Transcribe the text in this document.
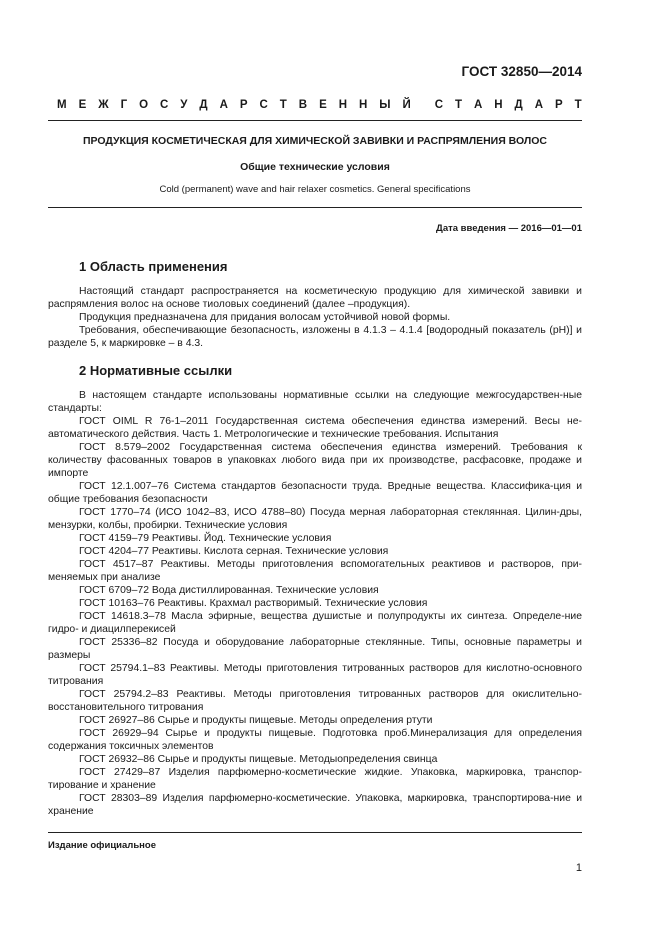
ГОСТ 32850—2014
М Е Ж Г О С У Д А Р С Т В Е Н Н Ы Й С Т А Н Д А Р Т
ПРОДУКЦИЯ КОСМЕТИЧЕСКАЯ ДЛЯ ХИМИЧЕСКОЙ ЗАВИВКИ И РАСПРЯМЛЕНИЯ ВОЛОС
Общие технические условия
Cold (permanent) wave and hair relaxer cosmetics. General specifications
Дата введения — 2016—01—01
1 Область применения

Настоящий стандарт распространяется на косметическую продукцию для химической завивки и распрямления волос на основе тиоловых соединений (далее –продукция).

Продукция предназначена для придания волосам устойчивой новой формы.

Требования, обеспечивающие безопасность, изложены в 4.1.3 – 4.1.4 [водородный показатель (рН)] и разделе 5, к маркировке – в 4.3.

2 Нормативные ссылки

В настоящем стандарте использованы нормативные ссылки на следующие межгосударствен-ные стандарты:

ГОСТ OIML R 76-1–2011 Государственная система обеспечения единства измерений. Весы не-автоматического действия. Часть 1. Метрологические и технические требования. Испытания

ГОСТ 8.579–2002 Государственная система обеспечения единства измерений. Требования к количеству фасованных товаров в упаковках любого вида при их производстве, расфасовке, продаже и импорте

ГОСТ 12.1.007–76 Система стандартов безопасности труда. Вредные вещества. Классифика-ция и общие требования безопасности

ГОСТ 1770–74 (ИСО 1042–83, ИСО 4788–80) Посуда мерная лабораторная стеклянная. Цилин-дры, мензурки, колбы, пробирки. Технические условия

ГОСТ 4159–79 Реактивы. Йод. Технические условия

ГОСТ 4204–77 Реактивы. Кислота серная. Технические условия

ГОСТ 4517–87 Реактивы. Методы приготовления вспомогательных реактивов и растворов, при-меняемых при анализе

ГОСТ 6709–72 Вода дистиллированная. Технические условия

ГОСТ 10163–76 Реактивы. Крахмал растворимый. Технические условия

ГОСТ 14618.3–78 Масла эфирные, вещества душистые и полупродукты их синтеза. Определе-ние гидро- и диацилперекисей

ГОСТ 25336–82 Посуда и оборудование лабораторные стеклянные. Типы, основные параметры и размеры

ГОСТ 25794.1–83 Реактивы. Методы приготовления титрованных растворов для кислотно-основного титрования

ГОСТ 25794.2–83 Реактивы. Методы приготовления титрованных растворов для окислительно-восстановительного титрования

ГОСТ 26927–86 Сырье и продукты пищевые. Методы определения ртути

ГОСТ 26929–94 Сырье и продукты пищевые. Подготовка проб.Минерализация для определения содержания токсичных элементов

ГОСТ 26932–86 Сырье и продукты пищевые. Методыопределения свинца

ГОСТ 27429–87 Изделия парфюмерно-косметические жидкие. Упаковка, маркировка, транспор-тирование и хранение

ГОСТ 28303–89 Изделия парфюмерно-косметические. Упаковка, маркировка, транспортирова-ние и хранение

Издание официальное
1
